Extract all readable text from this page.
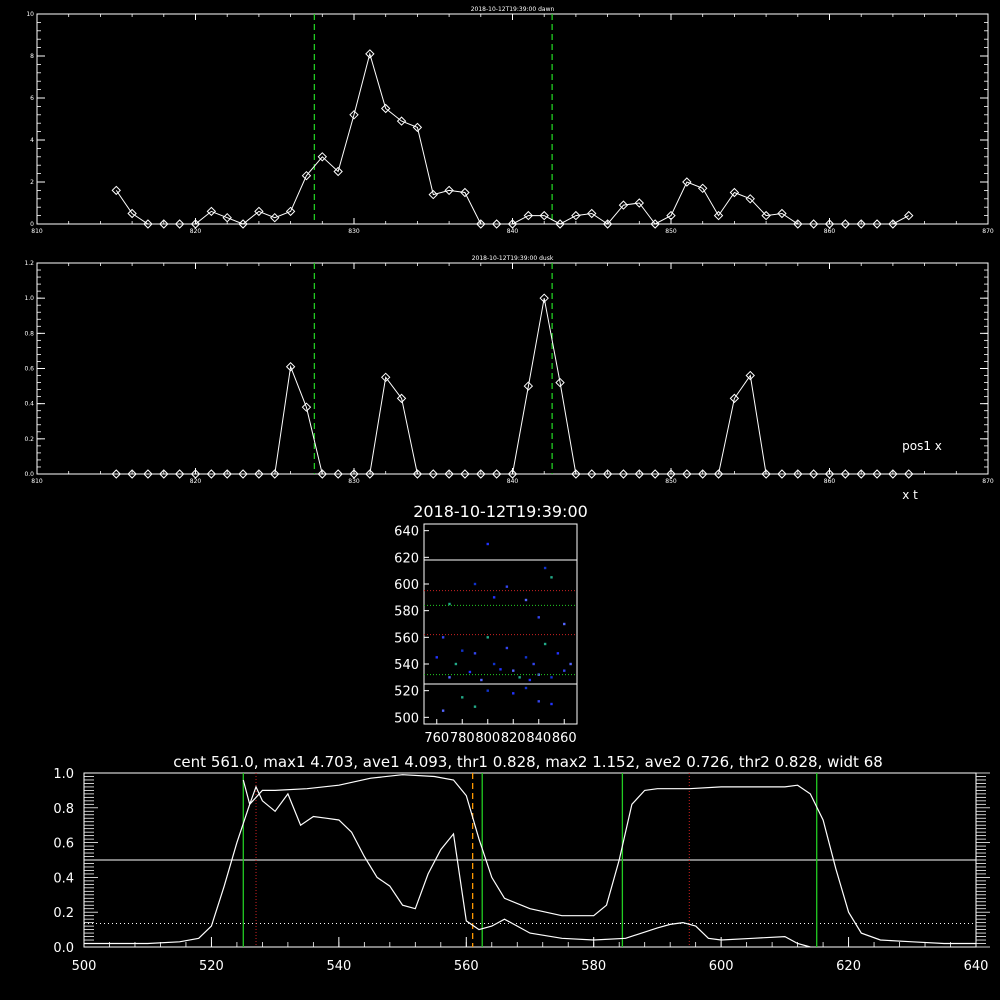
2018-10-12T19:39:00 dawn
810	820	830	840	850	860	870
0
2
4
6
8
10
2018-10-12T19:39:00 dusk
810	820	830	840	850	860	870
0.0
0.2
0.4
0.6
0.8
1.0
1.2
pos1 x
x t
2018-10-12T19:39:00
500
520
540
560
580
600
620
640
760 780 800 820 840 860
cent 561.0, max1 4.703, ave1 4.093, thr1 0.828, max2 1.152, ave2 0.726, thr2 0.828, widt 68
0.0
0.2
0.4
0.6
0.8
1.0
500	520	540	560	580	600	620	640
